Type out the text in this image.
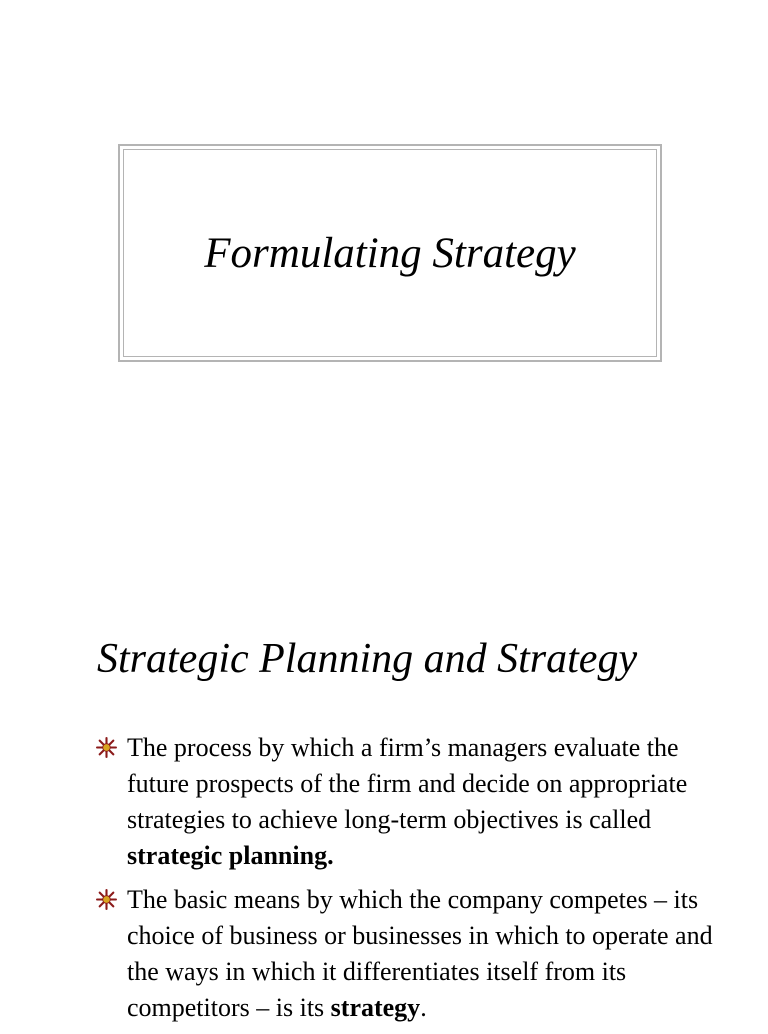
Formulating Strategy
Strategic Planning and Strategy
The process by which a firm’s managers evaluate the future prospects of the firm and decide on appropriate strategies to achieve long-term objectives is called strategic planning.
The basic means by which the company competes – its choice of business or businesses in which to operate and the ways in which it differentiates itself from its competitors – is its strategy.
